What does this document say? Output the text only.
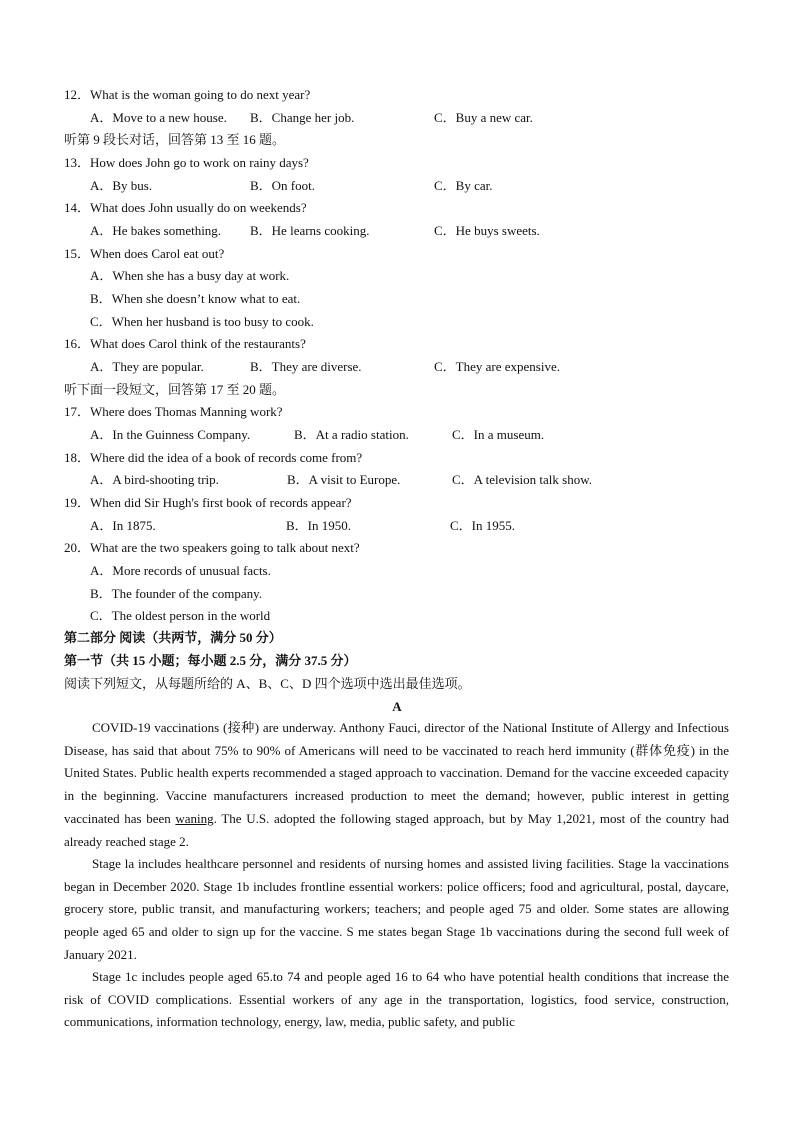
12．What is the woman going to do next year?
A．Move to a new house. B．Change her job.	C．Buy a new car.
听第 9 段长对话，回答第 13 至 16 题。
13．How does John go to work on rainy days?
A．By bus.	B．On foot.	C．By car.
14．What does John usually do on weekends?
A．He bakes something. B．He learns cooking.	C．He buys sweets.
15．When does Carol eat out?
A．When she has a busy day at work.
B．When she doesn’t know what to eat.
C．When her husband is too busy to cook.
16．What does Carol think of the restaurants?
A．They are popular.	B．They are diverse.	C．They are expensive.
听下面一段短文，回答第 17 至 20 题。
17．Where does Thomas Manning work?
A．In the Guinness Company.	B．At a radio station.	C．In a museum.
18．Where did the idea of a book of records come from?
A．A bird-shooting trip.	B．A visit to Europe.	C．A television talk show.
19．When did Sir Hugh's first book of records appear?
A．In 1875.	B．In 1950.	C．In 1955.
20．What are the two speakers going to talk about next?
A．More records of unusual facts.
B．The founder of the company.
C．The oldest person in the world
第二部分 阅读（共两节，满分 50 分）
第一节（共 15 小题；每小题 2.5 分，满分 37.5 分）
阅读下列短文，从每题所给的 A、B、C、D 四个选项中选出最佳选项。
A
COVID-19 vaccinations (接种) are underway. Anthony Fauci, director of the National Institute of Allergy and Infectious Disease, has said that about 75% to 90% of Americans will need to be vaccinated to reach herd immunity (群体免疫) in the United States. Public health experts recommended a staged approach to vaccination. Demand for the vaccine exceeded capacity in the beginning. Vaccine manufacturers increased production to meet the demand; however, public interest in getting vaccinated has been waning. The U.S. adopted the following staged approach, but by May 1,2021, most of the country had already reached stage 2.
Stage la includes healthcare personnel and residents of nursing homes and assisted living facilities. Stage la vaccinations began in December 2020. Stage 1b includes frontline essential workers: police officers; food and agricultural, postal, daycare, grocery store, public transit, and manufacturing workers; teachers; and people aged 75 and older. Some states are allowing people aged 65 and older to sign up for the vaccine. S me states began Stage 1b vaccinations during the second full week of January 2021.
Stage 1c includes people aged 65.to 74 and people aged 16 to 64 who have potential health conditions that increase the risk of COVID complications. Essential workers of any age in the transportation, logistics, food service, construction, communications, information technology, energy, law, media, public safety, and public
